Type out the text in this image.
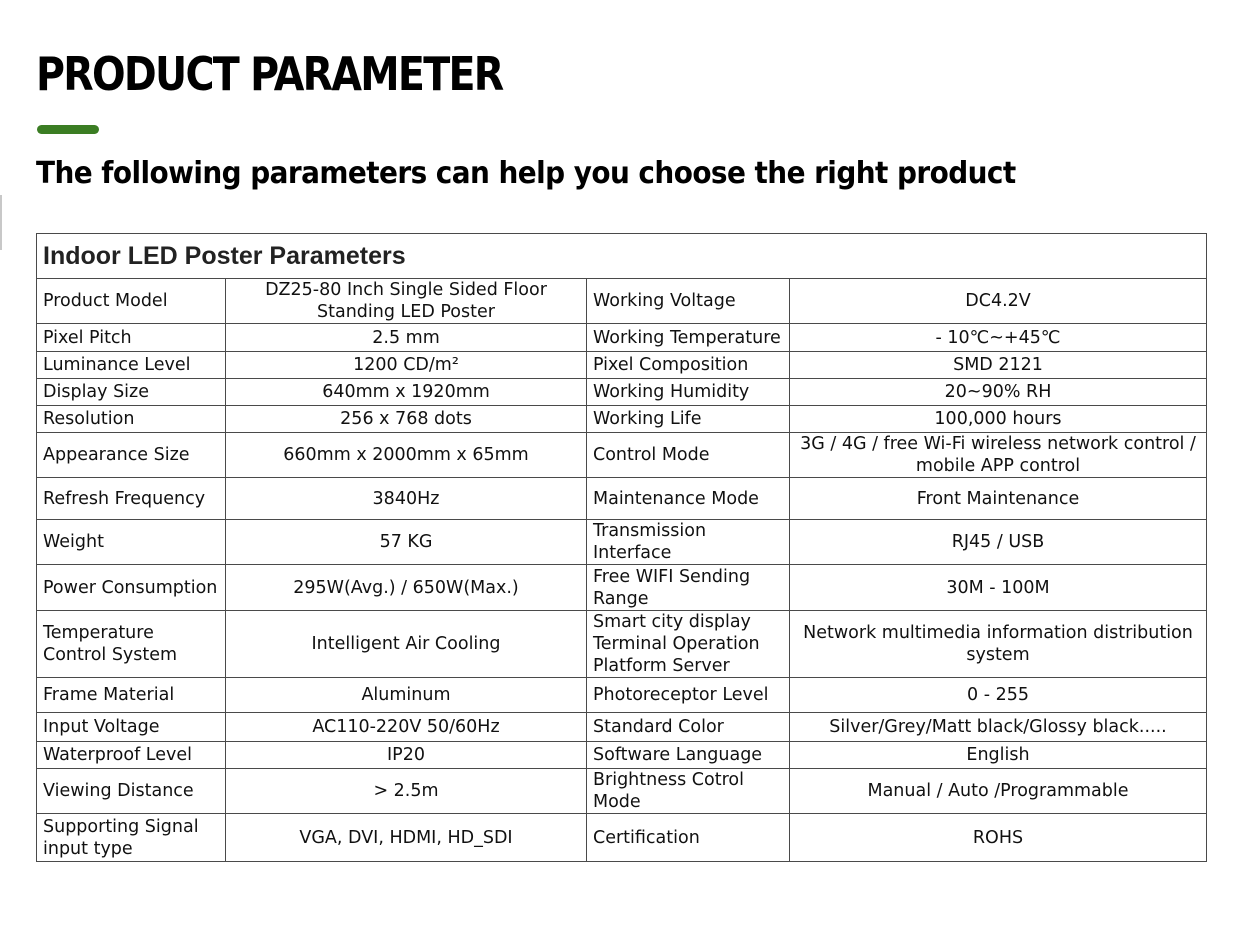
PRODUCT PARAMETER
The following parameters can help you choose the right product
Indoor LED Poster Parameters			
Product Model	DZ25-80 Inch Single Sided Floor Standing LED Poster	Working Voltage	DC4.2V
Pixel Pitch	2.5 mm	Working Temperature	- 10℃~+45℃
Luminance Level	1200 CD/m²	Pixel Composition	SMD 2121
Display Size	640mm x 1920mm	Working Humidity	20~90% RH
Resolution	256 x 768 dots	Working Life	100,000 hours
Appearance Size	660mm x 2000mm x 65mm	Control Mode	3G / 4G / free Wi-Fi wireless network control / mobile APP control
Refresh Frequency	3840Hz	Maintenance Mode	Front Maintenance
Weight	57 KG	Transmission Interface	RJ45 / USB
Power Consumption	295W(Avg.) / 650W(Max.)	Free WIFI Sending Range	30M - 100M
Temperature Control System	Intelligent Air Cooling	Smart city display Terminal Operation Platform Server	Network multimedia information distribution system
Frame Material	Aluminum	Photoreceptor Level	0 - 255
Input Voltage	AC110-220V 50/60Hz	Standard Color	Silver/Grey/Matt black/Glossy black.....
Waterproof Level	IP20	Software Language	English
Viewing Distance	> 2.5m	Brightness Cotrol Mode	Manual / Auto /Programmable
Supporting Signal input type	VGA, DVI, HDMI, HD_SDI	Certification	ROHS
